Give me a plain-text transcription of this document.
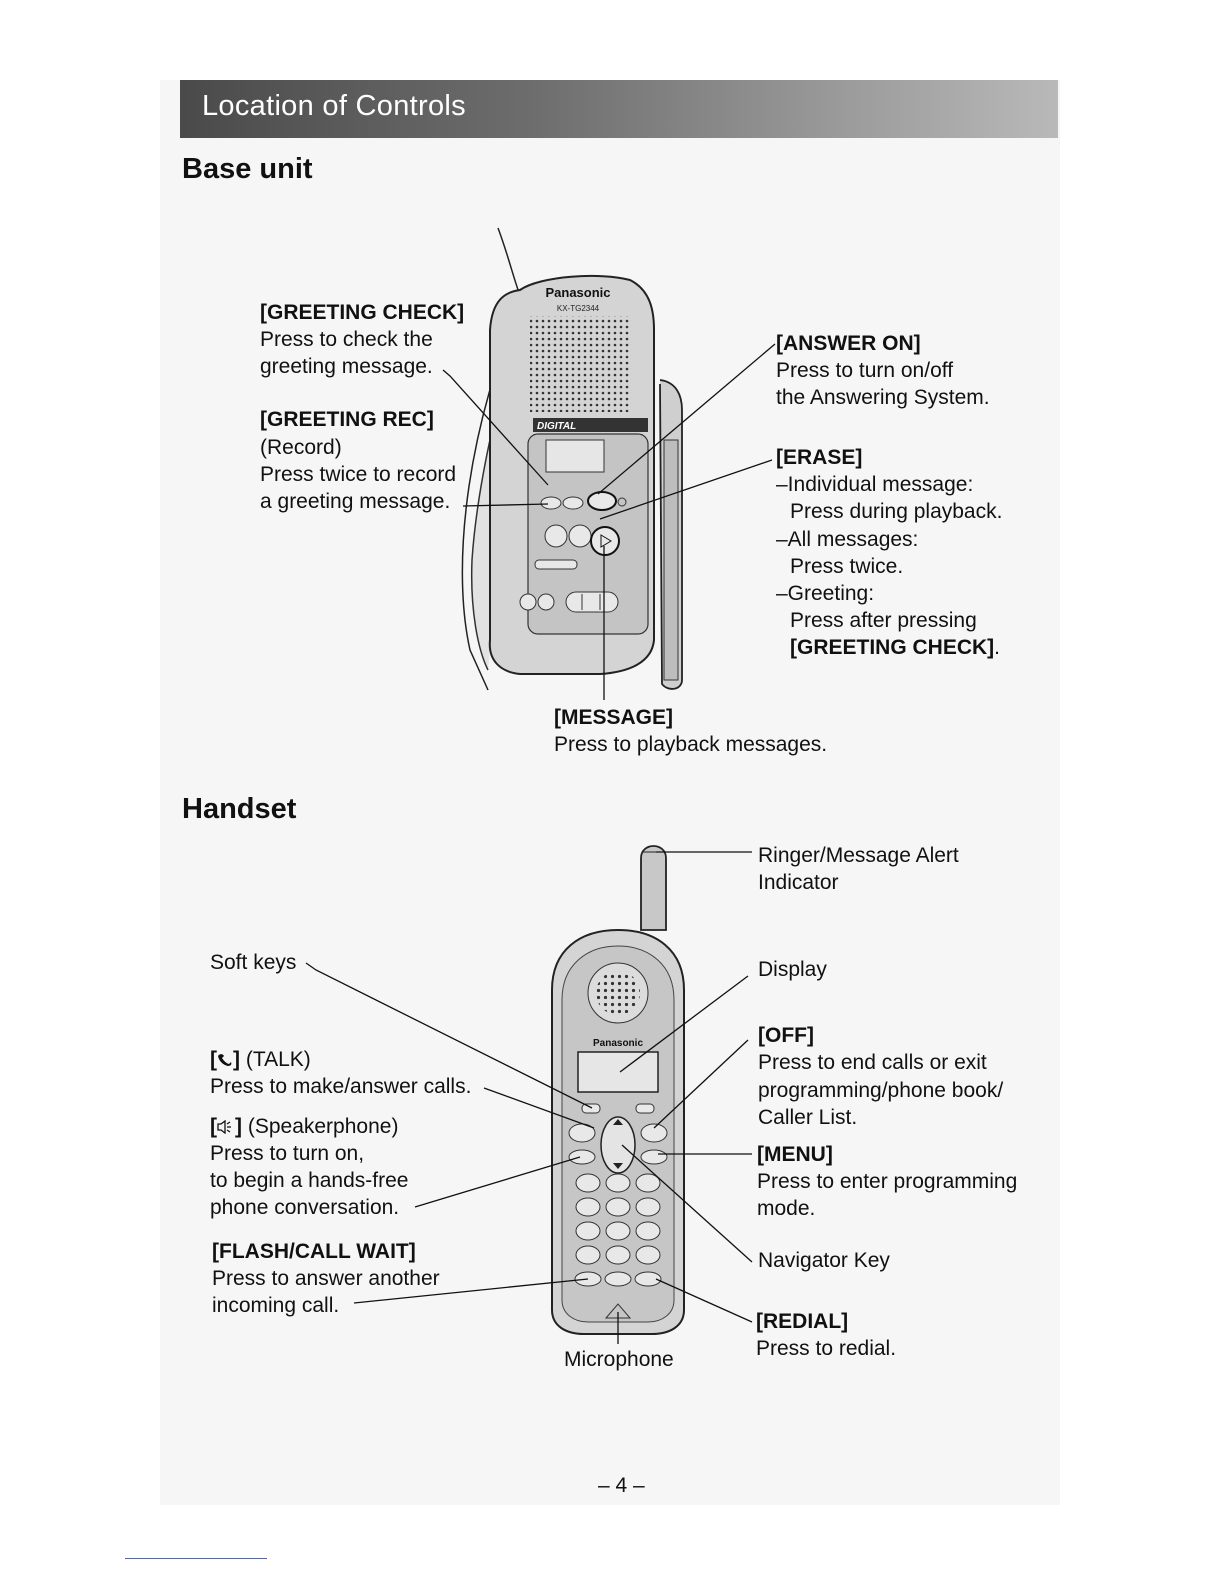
Location of Controls
Base unit
Panasonic
KX-TG2344
DIGITAL
Panasonic
[GREETING CHECK]
Press to check the
greeting message.
[GREETING REC]
(Record)
Press twice to record
a greeting message.
[ANSWER ON]
Press to turn on/off
the Answering System.
[ERASE]
–Individual message:
Press during playback.
–All messages:
Press twice.
–Greeting:
Press after pressing
[GREETING CHECK].
[MESSAGE]
Press to playback messages.
Handset
Ringer/Message Alert
Indicator
Soft keys
[ ] (TALK)
Press to make/answer calls.
[ ] (Speakerphone)
Press to turn on,
to begin a hands-free
phone conversation.
[FLASH/CALL WAIT]
Press to answer another
incoming call.
Display
[OFF]
Press to end calls or exit
programming/phone book/
Caller List.
[MENU]
Press to enter programming
mode.
Navigator Key
[REDIAL]
Press to redial.
Microphone
– 4 –
